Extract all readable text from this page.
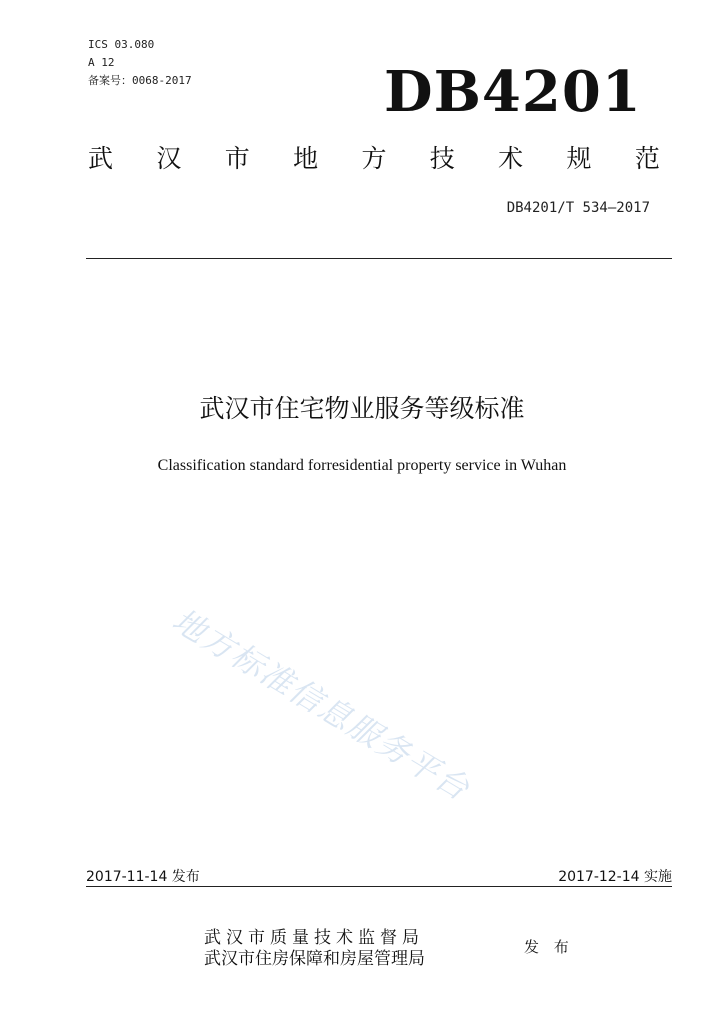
ICS 03.080
A 12
备案号：0068-2017	DB4201
武 汉 市 地 方 技 术 规 范
DB4201/T 534—2017
武汉市住宅物业服务等级标准
Classification standard forresidential property service in Wuhan
地方标准信息服务平台
2017-11-14 发布	2017-12-14 实施
武汉市质量技术监督局
武汉市住房保障和房屋管理局
发 布
